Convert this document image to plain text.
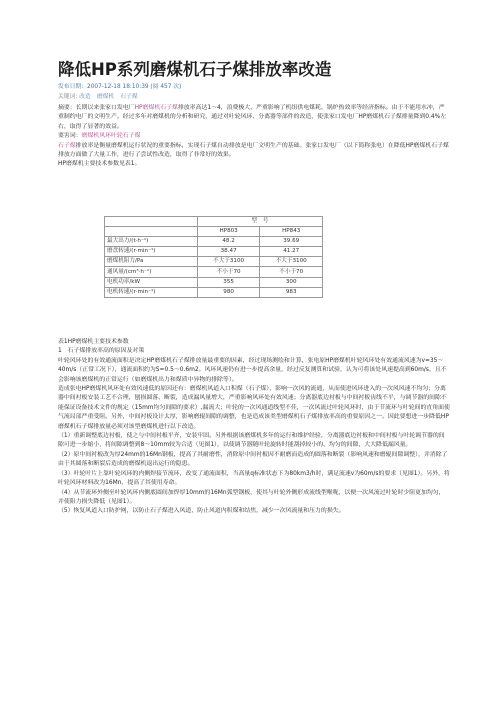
降低HP系列磨煤机石子煤排放率改造
发布日期：2007-12-18 18:10:39 (阅 457 次)
关键词: 改造 磨煤机 石子煤

摘要：长期以来张家口发电厂HP磨煤机石子煤排放率高达1～4，浪费极大，严重影响了机组供电煤耗、锅炉热效率等经济指标。由于不能用水冲，严重制约电厂的文明生产。经过多年对磨煤机的分析和研究，通过对叶轮风环、分离器等部件的改造，使张家口发电厂HP磨煤机石子煤排量降到0.4%左右，取得了显著的效益。

要害词：磨煤机风环叶轮石子煤

石子煤排放率是衡量磨煤机运行状况的重要指标，实现石子煤自动排放是电厂文明生产的基础。张家口发电厂（以下简称张电）在降低HP磨煤机石子煤排放方面做了大量工作，进行了尝试性改造，取得了非常好的效果。

HP磨煤机主要技术参数见表1。

	型　号	
	HP803	HP843
最大出力/(t·h⁻¹)	48.2	39.69
磨盘转速/(r·min⁻¹)	38.47	41.27
磨煤机阻力/Pa	不大于3100	不大于3100
通风量/(cm³·h⁻¹)	不小于70	不小于70
电机功率/kW	355	300
电机转速/(r·min⁻¹)	980	983

表1HP磨煤机主要技术参数

1　石子煤排放率高的原因及对策

叶轮风环处的有效通流面积是决定HP磨煤机石子煤排放量最重要的因素，经过现场测绘和计算，张电原HP磨煤机叶轮风环处有效通流风速为v=35～40m/s（正常工况下），通流面积约为S=0.5～0.6m2。风环风速仍有进一步提高余量，经过反复测算和试验，认为可将该处风速提高到60m/s，且不会影响该磨煤机的正常运行（如磨煤机出力和煤质中异物的排除等）。

造成张电HP磨煤机风环处有效风速低的原因还有：磨煤机风道入口积煤（石子煤），影响一次风的流通，从而使进风环进入的一次风风速不均匀；分离器中间衬板安装工艺不合理，刨损圆落、断裂，造成漏风量增大，严重影响风环处有效风速；分离器底边衬板与中间衬板齿线不平，与调节器的间隙不能保证设备技术文件的规定（15mm均匀间隙的要求）,漏流大；叶轮的一次风通道线型不佳，一次风流过叶轮风环时，由于节流环与叶轮间的直角面使气流局部严重受阻。另外，中间衬板设计太厚，影响磨辊间隙的调整，也是造成该类型磨煤机石子煤排放率高的重要原因之一。因此要想进一步降低HP磨煤机石子煤排放量必须对该型磨煤机进行以下改造。

（1）重新调整底边衬板，使之与中间衬板平齐，安装牢固。另外根据该磨煤机多年的运行和维护经验，分离器底边衬板和中间衬板与叶轮调节器的间隙可进一步缩小，将间隙调整到8～10mm较为合适（见图1），以使调节器随叶轮旋转时能刮掉较小的、均匀的间隙，大大降低漏风量。

（2）原中间衬板改为厚24mm的16Mn钢板，提高了其耐磨性，消除原中间衬板因不耐磨而造成的圆落和断裂（影响风速和磨辊间隙调整），并消除了由于其圆落和断裂后造成的磨煤机退出运行的隐患。

（3）叶轮叶片上靠叶轮风环的内侧焊接节流环，改变了通流面积，当高量q标准状态下为80km3/h时，满足流速v为60m/s的要求（见图1）。另外，将叶轮风环材料改为16Mn，提高了其使用寿命。

（4）从节流环外侧至叶轮风环内侧底圆间加焊厚10mm的16Mn弧型钢板，使其与叶轮外侧形成流线型喉咙，以便一次风流过叶轮时少阻更加均匀，并使阻力损失降低（见图1）。

（5）恢复风道入口防护网，以防止石子煤进入风道，防止风道内积煤和结焦，减少一次风流量和压力的损失。
